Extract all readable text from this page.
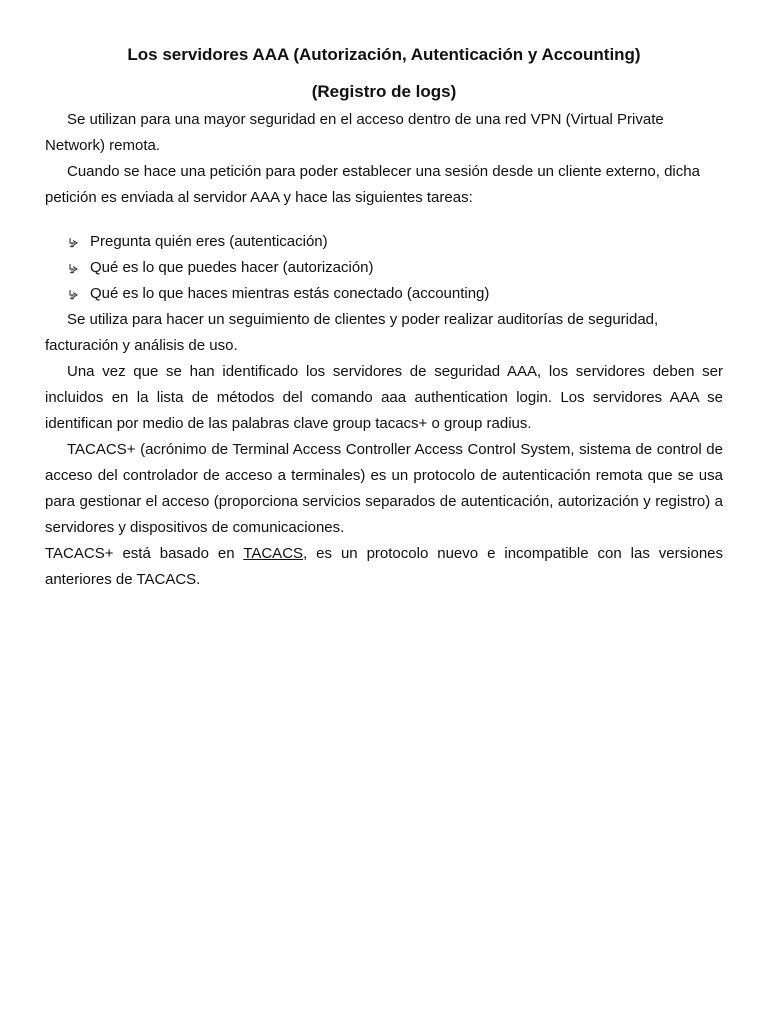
Los servidores AAA (Autorización, Autenticación y Accounting)
(Registro de logs)

Se utilizan para una mayor seguridad en el acceso dentro de una red VPN (Virtual Private Network) remota.

Cuando se hace una petición para poder establecer una sesión desde un cliente externo, dicha petición es enviada al servidor AAA y hace las siguientes tareas:

Pregunta quién eres (autenticación)
Qué es lo que puedes hacer (autorización)
Qué es lo que haces mientras estás conectado (accounting)

Se utiliza para hacer un seguimiento de clientes y poder realizar auditorías de seguridad, facturación y análisis de uso.

Una vez que se han identificado los servidores de seguridad AAA, los servidores deben ser incluidos en la lista de métodos del comando aaa authentication login. Los servidores AAA se identifican por medio de las palabras clave group tacacs+ o group radius.

TACACS+ (acrónimo de Terminal Access Controller Access Control System, sistema de control de acceso del controlador de acceso a terminales) es un protocolo de autenticación remota que se usa para gestionar el acceso (proporciona servicios separados de autenticación, autorización y registro) a servidores y dispositivos de comunicaciones.

TACACS+ está basado en TACACS, es un protocolo nuevo e incompatible con las versiones anteriores de TACACS.
